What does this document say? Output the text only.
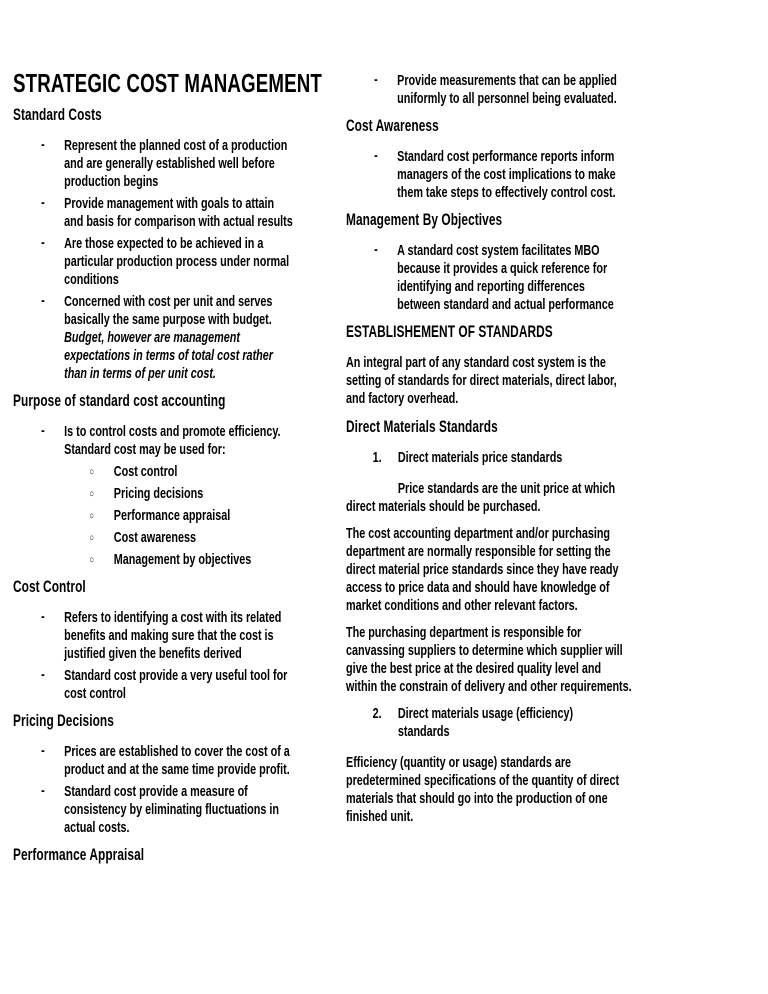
STRATEGIC COST MANAGEMENT
Standard Costs
- Represent the planned cost of a production and are generally established well before production begins
- Provide management with goals to attain and basis for comparison with actual results
- Are those expected to be achieved in a particular production process under normal conditions
- Concerned with cost per unit and serves basically the same purpose with budget. Budget, however are management expectations in terms of total cost rather than in terms of per unit cost.
Purpose of standard cost accounting
- Is to control costs and promote efficiency. Standard cost may be used for:
○ Cost control
○ Pricing decisions
○ Performance appraisal
○ Cost awareness
○ Management by objectives
Cost Control
- Refers to identifying a cost with its related benefits and making sure that the cost is justified given the benefits derived
- Standard cost provide a very useful tool for cost control
Pricing Decisions
- Prices are established to cover the cost of a product and at the same time provide profit.
- Standard cost provide a measure of consistency by eliminating fluctuations in actual costs.
Performance Appraisal
- Provide measurements that can be applied uniformly to all personnel being evaluated.
Cost Awareness
- Standard cost performance reports inform managers of the cost implications to make them take steps to effectively control cost.
Management By Objectives
- A standard cost system facilitates MBO because it provides a quick reference for identifying and reporting differences between standard and actual performance
ESTABLISHEMENT OF STANDARDS

An integral part of any standard cost system is the setting of standards for direct materials, direct labor, and factory overhead.

Direct Materials Standards
1. Direct materials price standards

Price standards are the unit price at which direct materials should be purchased.

The cost accounting department and/or purchasing department are normally responsible for setting the direct material price standards since they have ready access to price data and should have knowledge of market conditions and other relevant factors.

The purchasing department is responsible for canvassing suppliers to determine which supplier will give the best price at the desired quality level and within the constrain of delivery and other requirements.

2. Direct materials usage (efficiency) standards

Efficiency (quantity or usage) standards are predetermined specifications of the quantity of direct materials that should go into the production of one finished unit.
